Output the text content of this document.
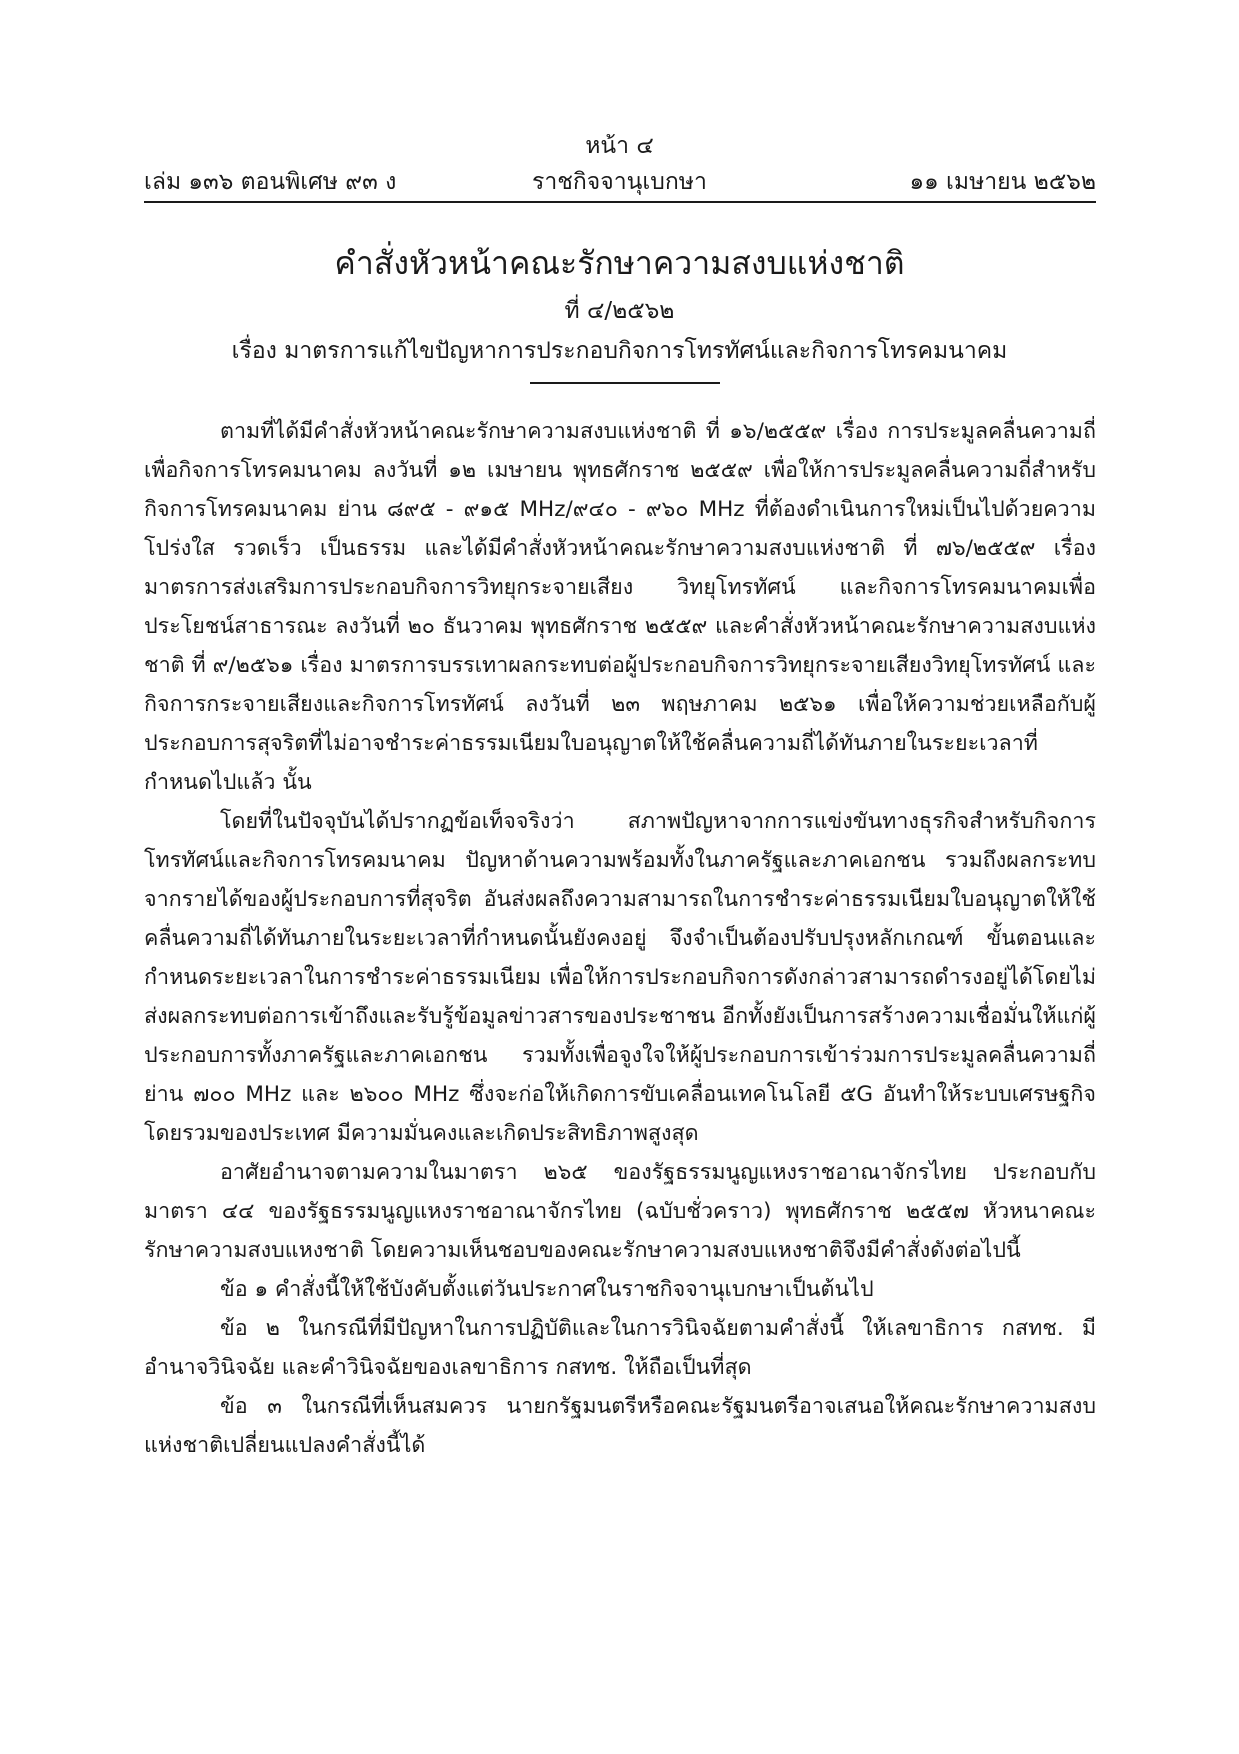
หน้า ๔
เล่ม ๑๓๖ ตอนพิเศษ ๙๓ ง	ราชกิจจานุเบกษา	๑๑ เมษายน ๒๕๖๒
คำสั่งหัวหน้าคณะรักษาความสงบแห่งชาติ
ที่ ๔/๒๕๖๒
เรื่อง มาตรการแก้ไขปัญหาการประกอบกิจการโทรทัศน์และกิจการโทรคมนาคม

ตามที่ได้มีคำสั่งหัวหน้าคณะรักษาความสงบแห่งชาติ ที่ ๑๖/๒๕๕๙ เรื่อง การประมูลคลื่นความถี่เพื่อกิจการโทรคมนาคม ลงวันที่ ๑๒ เมษายน พุทธศักราช ๒๕๕๙ เพื่อให้การประมูลคลื่นความถี่สำหรับกิจการโทรคมนาคม ย่าน ๘๙๕ - ๙๑๕ MHz/๙๔๐ - ๙๖๐ MHz ที่ต้องดำเนินการใหม่เป็นไปด้วยความโปร่งใส รวดเร็ว เป็นธรรม และได้มีคำสั่งหัวหน้าคณะรักษาความสงบแห่งชาติ ที่ ๗๖/๒๕๕๙ เรื่อง มาตรการส่งเสริมการประกอบกิจการวิทยุกระจายเสียง วิทยุโทรทัศน์ และกิจการโทรคมนาคมเพื่อประโยชน์สาธารณะ ลงวันที่ ๒๐ ธันวาคม พุทธศักราช ๒๕๕๙ และคำสั่งหัวหน้าคณะรักษาความสงบแห่งชาติ ที่ ๙/๒๕๖๑ เรื่อง มาตรการบรรเทาผลกระทบต่อผู้ประกอบกิจการวิทยุกระจายเสียงวิทยุโทรทัศน์ และกิจการกระจายเสียงและกิจการโทรทัศน์ ลงวันที่ ๒๓ พฤษภาคม ๒๕๖๑ เพื่อให้ความช่วยเหลือกับผู้ประกอบการสุจริตที่ไม่อาจชำระค่าธรรมเนียมใบอนุญาตให้ใช้คลื่นความถี่ได้ทันภายในระยะเวลาที่กำหนดไปแล้ว นั้น

โดยที่ในปัจจุบันได้ปรากฏข้อเท็จจริงว่า สภาพปัญหาจากการแข่งขันทางธุรกิจสำหรับกิจการโทรทัศน์และกิจการโทรคมนาคม ปัญหาด้านความพร้อมทั้งในภาครัฐและภาคเอกชน รวมถึงผลกระทบจากรายได้ของผู้ประกอบการที่สุจริต อันส่งผลถึงความสามารถในการชำระค่าธรรมเนียมใบอนุญาตให้ใช้คลื่นความถี่ได้ทันภายในระยะเวลาที่กำหนดนั้นยังคงอยู่ จึงจำเป็นต้องปรับปรุงหลักเกณฑ์ ขั้นตอนและกำหนดระยะเวลาในการชำระค่าธรรมเนียม เพื่อให้การประกอบกิจการดังกล่าวสามารถดำรงอยู่ได้โดยไม่ส่งผลกระทบต่อการเข้าถึงและรับรู้ข้อมูลข่าวสารของประชาชน อีกทั้งยังเป็นการสร้างความเชื่อมั่นให้แก่ผู้ประกอบการทั้งภาครัฐและภาคเอกชน รวมทั้งเพื่อจูงใจให้ผู้ประกอบการเข้าร่วมการประมูลคลื่นความถี่ย่าน ๗๐๐ MHz และ ๒๖๐๐ MHz ซึ่งจะก่อให้เกิดการขับเคลื่อนเทคโนโลยี ๕G อันทำให้ระบบเศรษฐกิจโดยรวมของประเทศ มีความมั่นคงและเกิดประสิทธิภาพสูงสุด

อาศัยอำนาจตามความในมาตรา ๒๖๕ ของรัฐธรรมนูญแหงราชอาณาจักรไทย ประกอบกับมาตรา ๔๔ ของรัฐธรรมนูญแหงราชอาณาจักรไทย (ฉบับชั่วคราว) พุทธศักราช ๒๕๕๗ หัวหนาคณะรักษาความสงบแหงชาติ โดยความเห็นชอบของคณะรักษาความสงบแหงชาติจึงมีคำสั่งดังต่อไปนี้

ข้อ ๑ คำสั่งนี้ให้ใช้บังคับตั้งแต่วันประกาศในราชกิจจานุเบกษาเป็นต้นไป

ข้อ ๒ ในกรณีที่มีปัญหาในการปฏิบัติและในการวินิจฉัยตามคำสั่งนี้ ให้เลขาธิการ กสทช. มีอำนาจวินิจฉัย และคำวินิจฉัยของเลขาธิการ กสทช. ให้ถือเป็นที่สุด

ข้อ ๓ ในกรณีที่เห็นสมควร นายกรัฐมนตรีหรือคณะรัฐมนตรีอาจเสนอให้คณะรักษาความสงบแห่งชาติเปลี่ยนแปลงคำสั่งนี้ได้
